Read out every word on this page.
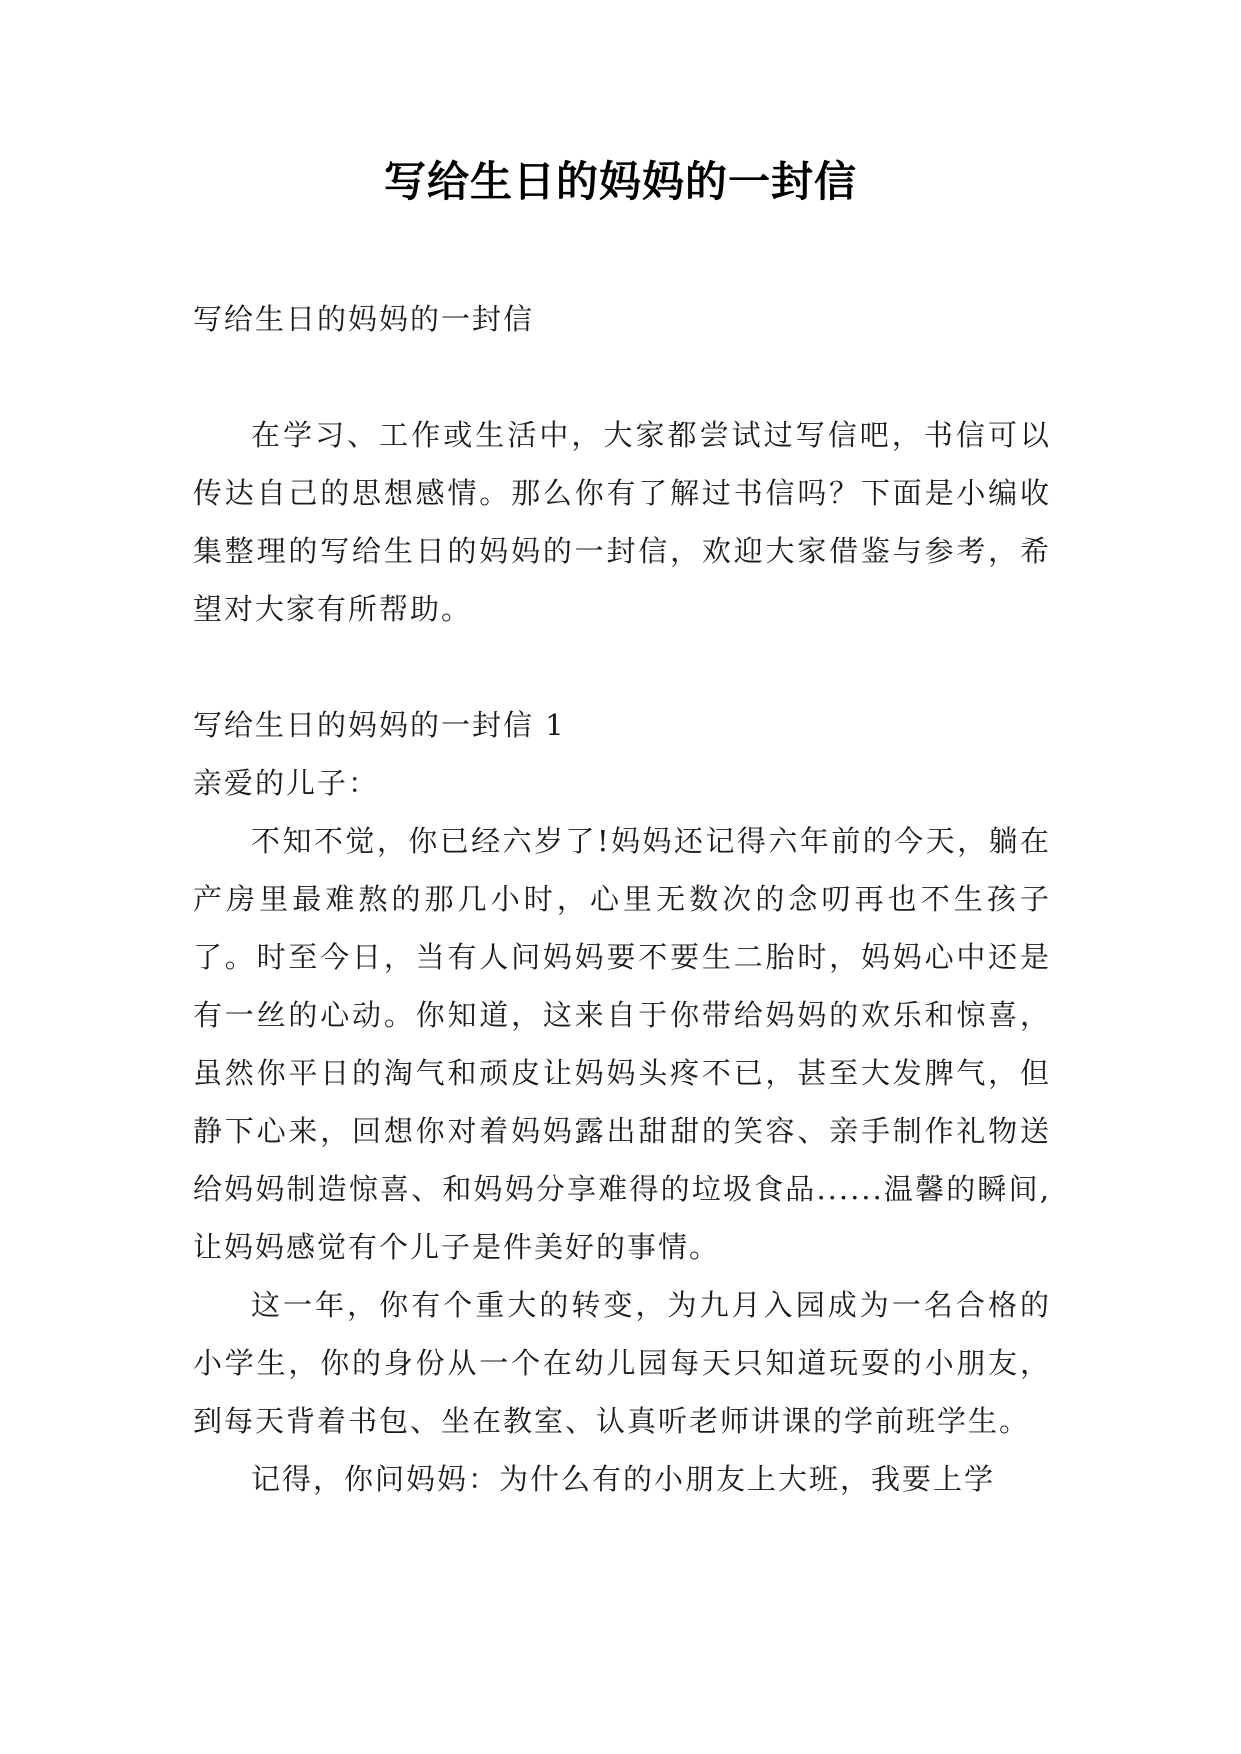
写给生日的妈妈的一封信
写给生日的妈妈的一封信
在学习、工作或生活中，大家都尝试过写信吧，书信可以传达自己的思想感情。那么你有了解过书信吗？下面是小编收集整理的写给生日的妈妈的一封信，欢迎大家借鉴与参考，希望对大家有所帮助。
写给生日的妈妈的一封信 1
亲爱的儿子：
不知不觉，你已经六岁了!妈妈还记得六年前的今天，躺在产房里最难熬的那几小时，心里无数次的念叨再也不生孩子了。时至今日，当有人问妈妈要不要生二胎时，妈妈心中还是有一丝的心动。你知道，这来自于你带给妈妈的欢乐和惊喜，虽然你平日的淘气和顽皮让妈妈头疼不已，甚至大发脾气，但静下心来，回想你对着妈妈露出甜甜的笑容、亲手制作礼物送给妈妈制造惊喜、和妈妈分享难得的垃圾食品......温馨的瞬间,让妈妈感觉有个儿子是件美好的事情。
这一年，你有个重大的转变，为九月入园成为一名合格的小学生，你的身份从一个在幼儿园每天只知道玩耍的小朋友，到每天背着书包、坐在教室、认真听老师讲课的学前班学生。
记得，你问妈妈：为什么有的小朋友上大班，我要上学
